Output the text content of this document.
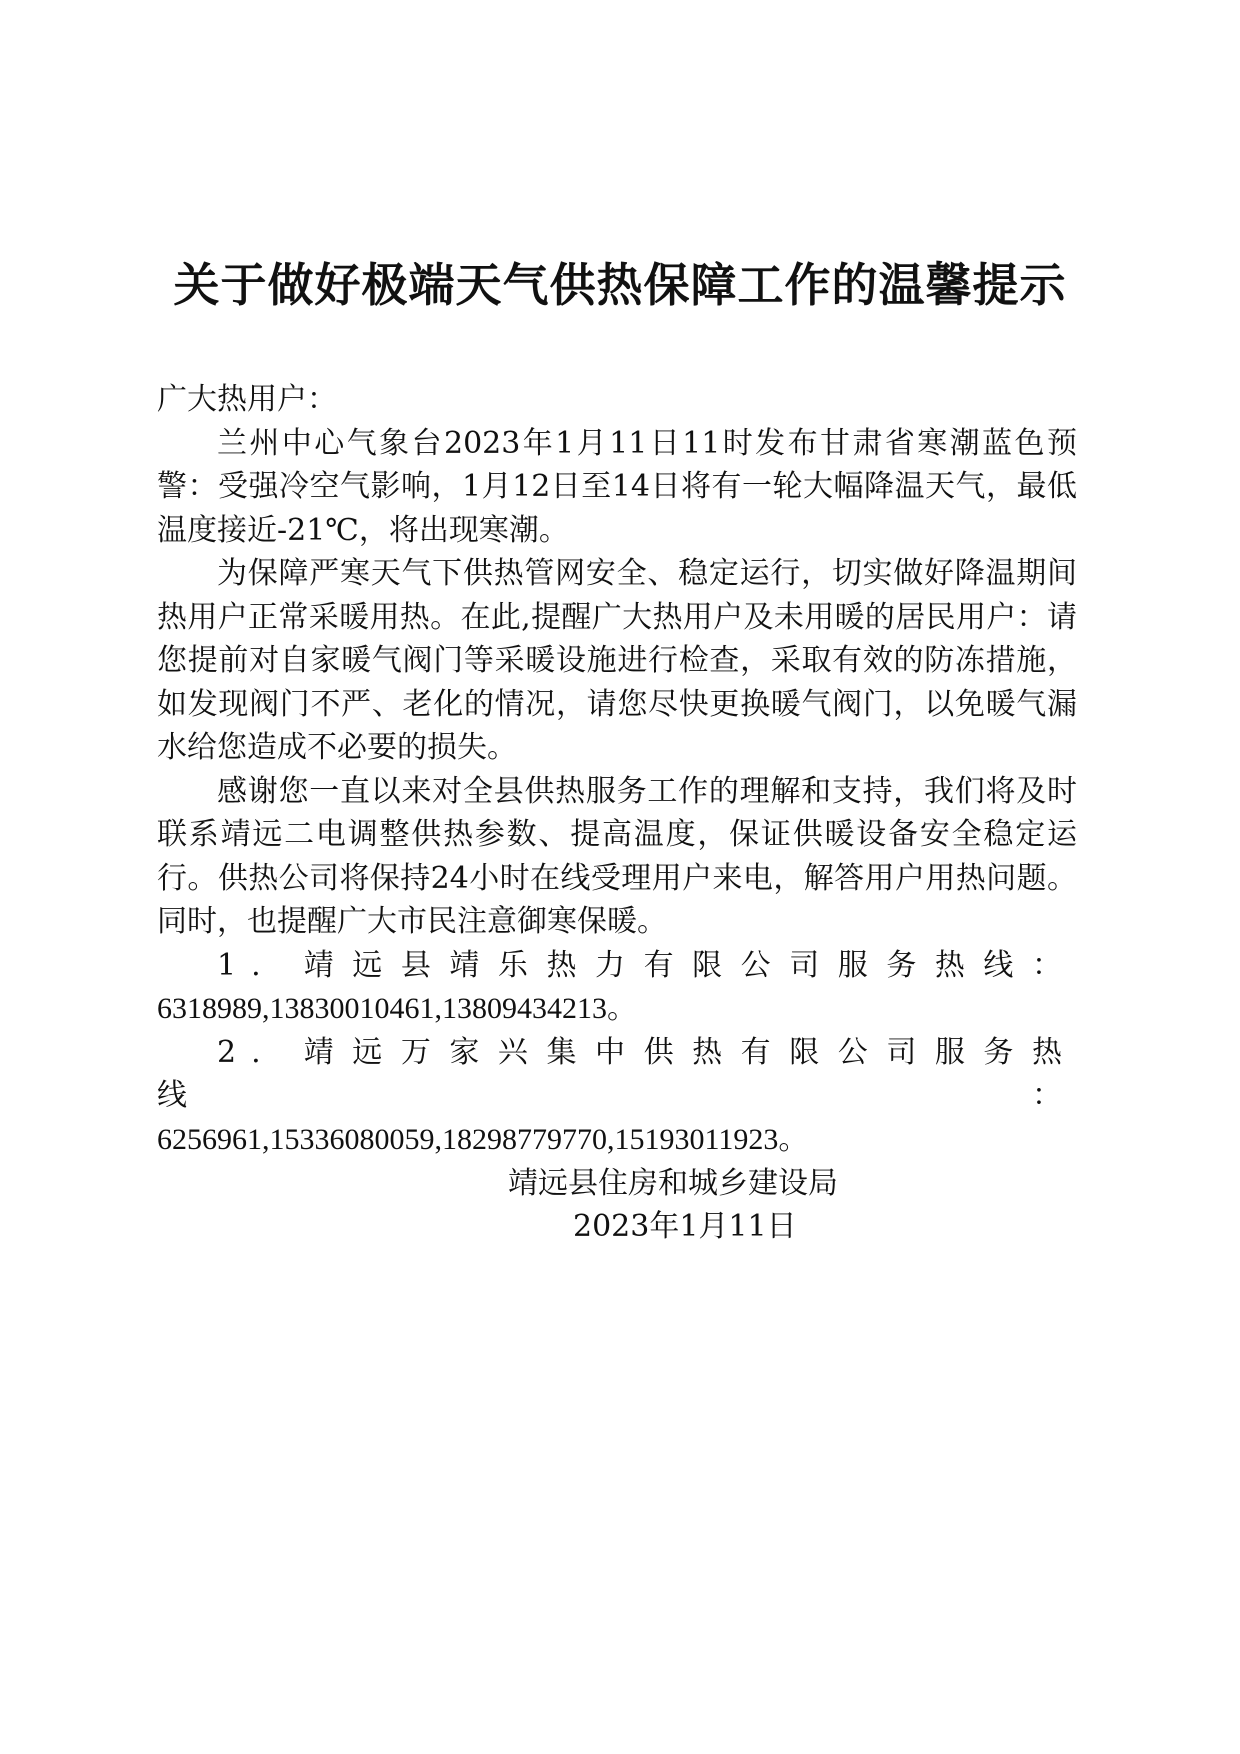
关于做好极端天气供热保障工作的温馨提示

广大热用户：

兰州中心气象台2023年1月11日11时发布甘肃省寒潮蓝色预警：受强冷空气影响，1月12日至14日将有一轮大幅降温天气，最低温度接近-21℃，将出现寒潮。

为保障严寒天气下供热管网安全、稳定运行，切实做好降温期间热用户正常采暖用热。在此,提醒广大热用户及未用暖的居民用户：请您提前对自家暖气阀门等采暖设施进行检查，采取有效的防冻措施，如发现阀门不严、老化的情况，请您尽快更换暖气阀门，以免暖气漏水给您造成不必要的损失。

感谢您一直以来对全县供热服务工作的理解和支持，我们将及时联系靖远二电调整供热参数、提高温度，保证供暖设备安全稳定运行。供热公司将保持24小时在线受理用户来电，解答用户用热问题。同时，也提醒广大市民注意御寒保暖。

1. 靖远县靖乐热力有限公司服务热线：
6318989,13830010461,13809434213。

2. 靖远万家兴集中供热有限公司服务热线：
6256961,15336080059,18298779770,15193011923。

靖远县住房和城乡建设局

2023年1月11日
